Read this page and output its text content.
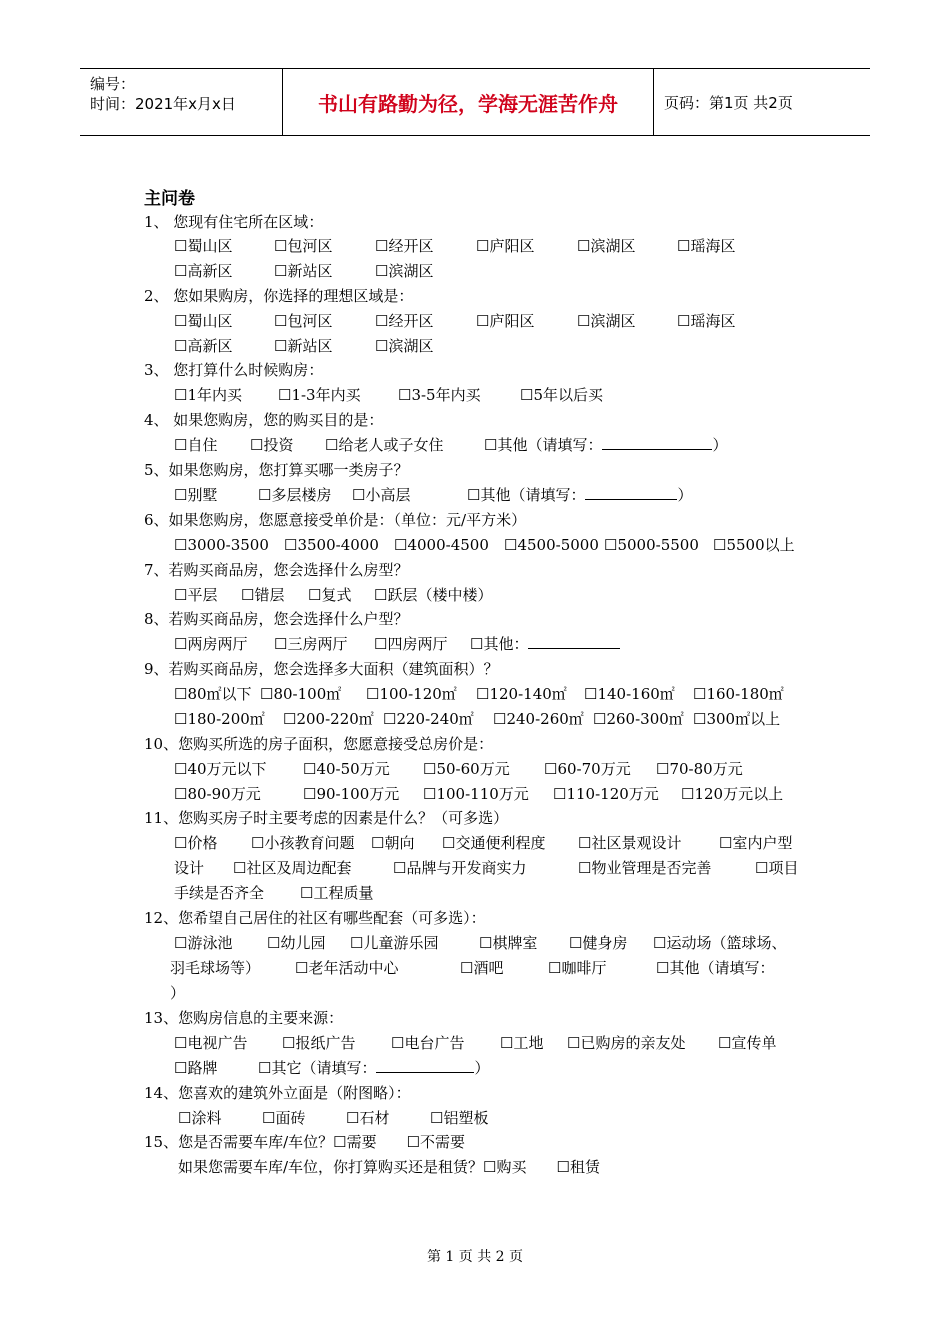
编号：
时间：2021年x月x日	书山有路勤为径，学海无涯苦作舟	页码：第1页 共2页
主问卷
1、 您现有住宅所在区域：
☐蜀山区	☐包河区	☐经开区	☐庐阳区	☐滨湖区	☐瑶海区
☐高新区	☐新站区	☐滨湖区
2、 您如果购房，你选择的理想区域是：
☐蜀山区	☐包河区	☐经开区	☐庐阳区	☐滨湖区	☐瑶海区
☐高新区	☐新站区	☐滨湖区
3、 您打算什么时候购房：
☐1年内买 ☐1-3年内买 ☐3-5年内买	☐5年以后买
4、 如果您购房，您的购买目的是：
☐自住 ☐投资 ☐给老人或子女住	☐其他（请填写：	）
5、如果您购房，您打算买哪一类房子？
☐别墅	☐多层楼房 ☐小高层	☐其他（请填写：	）
6、如果您购房，您愿意接受单价是：（单位：元/平方米）
☐3000-3500 ☐3500-4000 ☐4000-4500 ☐4500-5000 ☐5000-5500 ☐5500以上
7、若购买商品房，您会选择什么房型？
☐平层 ☐错层 ☐复式 ☐跃层（楼中楼）
8、若购买商品房，您会选择什么户型？
☐两房两厅 ☐三房两厅 ☐四房两厅 ☐其他：
9、若购买商品房，您会选择多大面积（建筑面积）？
☐80㎡以下 ☐80-100㎡ ☐100-120㎡ ☐120-140㎡ ☐140-160㎡ ☐160-180㎡
☐180-200㎡ ☐200-220㎡ ☐220-240㎡ ☐240-260㎡ ☐260-300㎡ ☐300㎡以上
10、您购买所选的房子面积，您愿意接受总房价是：
☐40万元以下 ☐40-50万元 ☐50-60万元 ☐60-70万元 ☐70-80万元
☐80-90万元	☐90-100万元 ☐100-110万元 ☐110-120万元 ☐120万元以上
11、您购买房子时主要考虑的因素是什么？（可多选）
☐价格 ☐小孩教育问题 ☐朝向 ☐交通便利程度 ☐社区景观设计	☐室内户型
设计 ☐社区及周边配套	☐品牌与开发商实力	☐物业管理是否完善	☐项目
手续是否齐全 ☐工程质量
12、您希望自己居住的社区有哪些配套（可多选）：
☐游泳池 ☐幼儿园 ☐儿童游乐园	☐棋牌室 ☐健身房 ☐运动场（篮球场、
羽毛球场等） ☐老年活动中心	☐酒吧	☐咖啡厅	☐其他（请填写：
）
13、您购房信息的主要来源：
☐电视广告 ☐报纸广告 ☐电台广告 ☐工地 ☐已购房的亲友处 ☐宣传单
☐路牌	☐其它（请填写：	）
14、您喜欢的建筑外立面是（附图略）：
☐涂料	☐面砖	☐石材	☐铝塑板
15、您是否需要车库/车位？☐需要　　☐不需要
如果您需要车库/车位，你打算购买还是租赁？☐购买　　☐租赁
第 1 页 共 2 页
